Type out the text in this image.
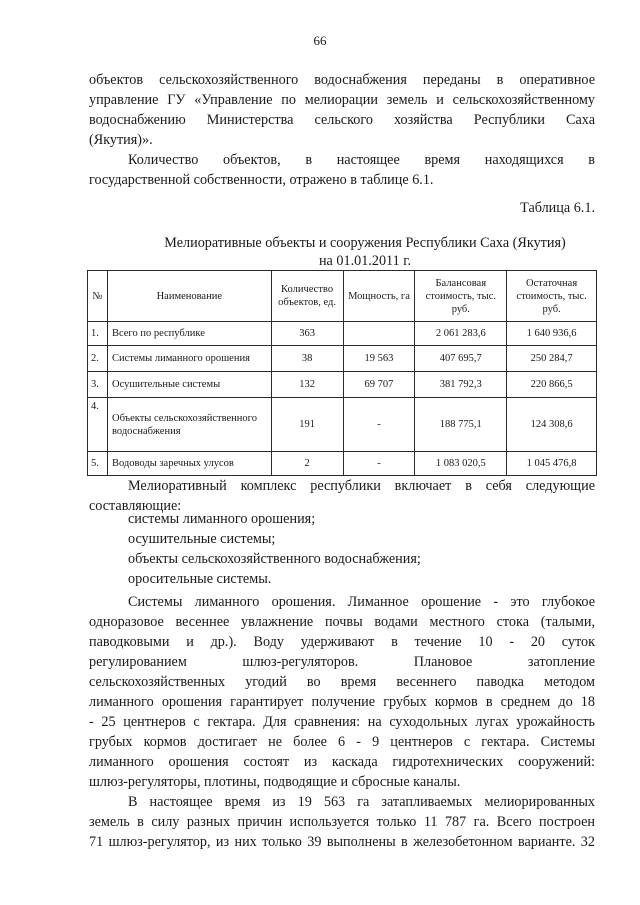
66

объектов сельскохозяйственного водоснабжения переданы в оперативное
управление ГУ «Управление по мелиорации земель и сельскохозяйственному
водоснабжению Министерства сельского хозяйства Республики Саха
(Якутия)».
Количество объектов, в настоящее время находящихся в
государственной собственности, отражено в таблице 6.1.

Таблица 6.1.
Мелиоративные объекты и сооружения Республики Саха (Якутия)
на 01.01.2011 г.
№	Наименование	Количество объектов, ед.	Мощность, га	Балансовая стоимость, тыс. руб.	Остаточная стоимость, тыс. руб.
1.	Всего по республике	363		2 061 283,6	1 640 936,6
2.	Системы лиманного орошения	38	19 563	407 695,7	250 284,7
3.	Осушительные системы	132	69 707	381 792,3	220 866,5
4.	Объекты сельскохозяйственного водоснабжения	191	-	188 775,1	124 308,6
5.	Водоводы заречных улусов	2	-	1 083 020,5	1 045 476,8

Мелиоративный комплекс республики включает в себя следующие
составляющие:

системы лиманного орошения;
осушительные системы;
объекты сельскохозяйственного водоснабжения;
оросительные системы.

Системы лиманного орошения. Лиманное орошение - это глубокое
одноразовое весеннее увлажнение почвы водами местного стока (талыми,
паводковыми и др.). Воду удерживают в течение 10 - 20 суток
регулированием шлюз-регуляторов. Плановое затопление
сельскохозяйственных угодий во время весеннего паводка методом
лиманного орошения гарантирует получение грубых кормов в среднем до 18
- 25 центнеров с гектара. Для сравнения: на суходольных лугах урожайность
грубых кормов достигает не более 6 - 9 центнеров с гектара. Системы
лиманного орошения состоят из каскада гидротехнических сооружений:
шлюз-регуляторы, плотины, подводящие и сбросные каналы.
В настоящее время из 19 563 га затапливаемых мелиорированных
земель в силу разных причин используется только 11 787 га. Всего построен
71 шлюз-регулятор, из них только 39 выполнены в железобетонном варианте. 32
